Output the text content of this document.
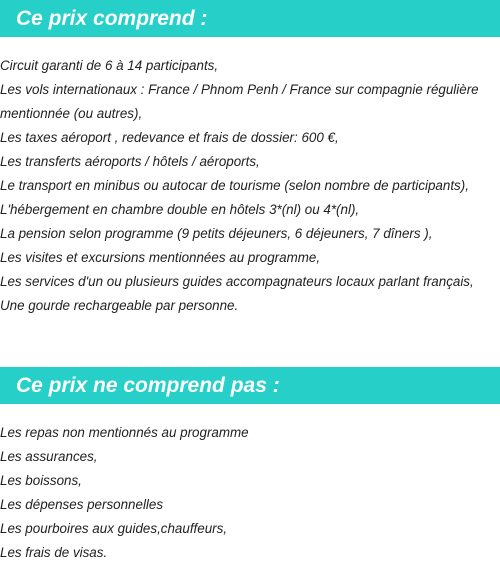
Ce prix comprend :
Circuit garanti de 6 à 14 participants,
Les vols internationaux : France / Phnom Penh / France sur compagnie régulière mentionnée (ou autres),
Les taxes aéroport , redevance et frais de dossier: 600 €,
Les transferts aéroports / hôtels / aéroports,
Le transport en minibus ou autocar de tourisme (selon nombre de participants),
L'hébergement en chambre double en hôtels 3*(nl) ou 4*(nl),
La pension selon programme (9 petits déjeuners, 6 déjeuners, 7 dîners ),
Les visites et excursions mentionnées au programme,
Les services d'un ou plusieurs guides accompagnateurs locaux parlant français,
Une gourde rechargeable par personne.
Ce prix ne comprend pas :
Les repas non mentionnés au programme
Les assurances,
Les boissons,
Les dépenses personnelles
Les pourboires aux guides,chauffeurs,
Les frais de visas.
